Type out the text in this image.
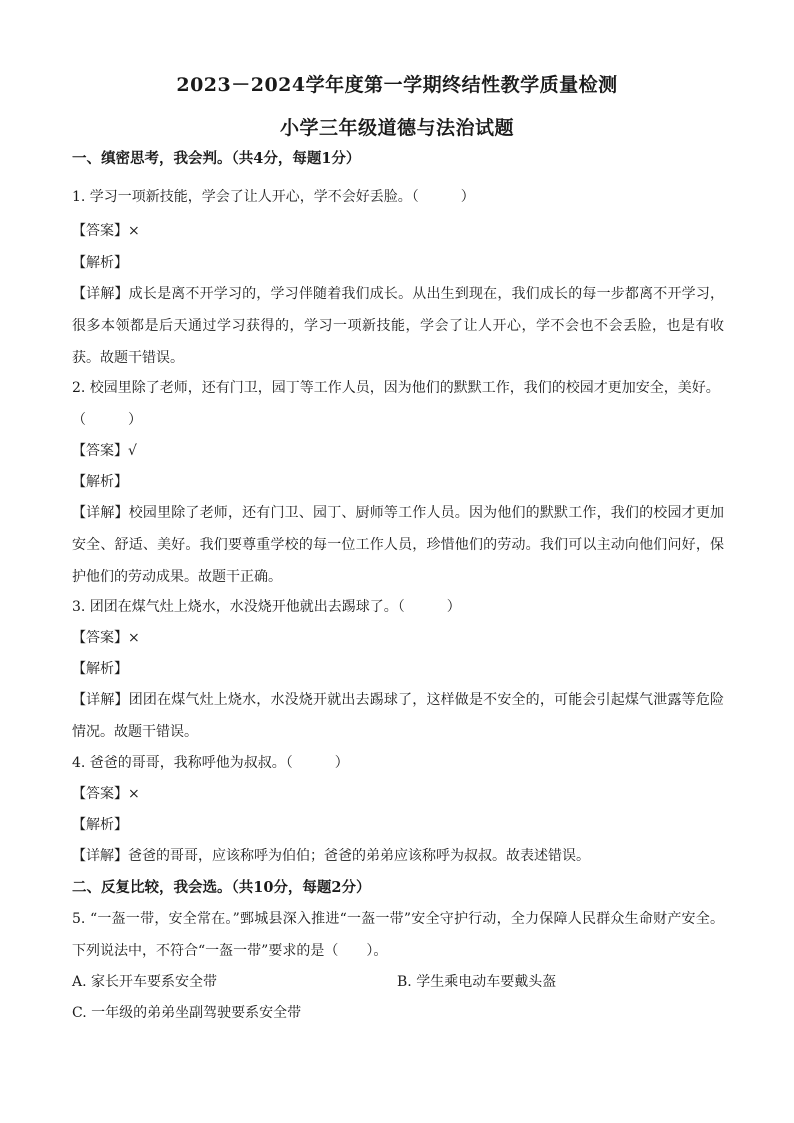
2023－2024学年度第一学期终结性教学质量检测
小学三年级道德与法治试题
一、缜密思考，我会判。（共4分，每题1分）
1. 学习一项新技能，学会了让人开心，学不会好丢脸。（　　　）
【答案】×
【解析】
【详解】成长是离不开学习的，学习伴随着我们成长。从出生到现在，我们成长的每一步都离不开学习，很多本领都是后天通过学习获得的，学习一项新技能，学会了让人开心，学不会也不会丢脸，也是有收获。故题干错误。
2. 校园里除了老师，还有门卫，园丁等工作人员，因为他们的默默工作，我们的校园才更加安全，美好。
（　　　）
【答案】√
【解析】
【详解】校园里除了老师，还有门卫、园丁、厨师等工作人员。因为他们的默默工作，我们的校园才更加安全、舒适、美好。我们要尊重学校的每一位工作人员，珍惜他们的劳动。我们可以主动向他们问好，保护他们的劳动成果。故题干正确。
3. 团团在煤气灶上烧水，水没烧开他就出去踢球了。（　　　）
【答案】×
【解析】
【详解】团团在煤气灶上烧水，水没烧开就出去踢球了，这样做是不安全的，可能会引起煤气泄露等危险情况。故题干错误。
4. 爸爸的哥哥，我称呼他为叔叔。（　　　）
【答案】×
【解析】
【详解】爸爸的哥哥，应该称呼为伯伯；爸爸的弟弟应该称呼为叔叔。故表述错误。
二、反复比较，我会选。（共10分，每题2分）
5. “一盔一带，安全常在。”鄄城县深入推进“一盔一带”安全守护行动，全力保障人民群众生命财产安全。下列说法中，不符合“一盔一带”要求的是（　　）。
A. 家长开车要系安全带	B. 学生乘电动车要戴头盔
C. 一年级的弟弟坐副驾驶要系安全带
